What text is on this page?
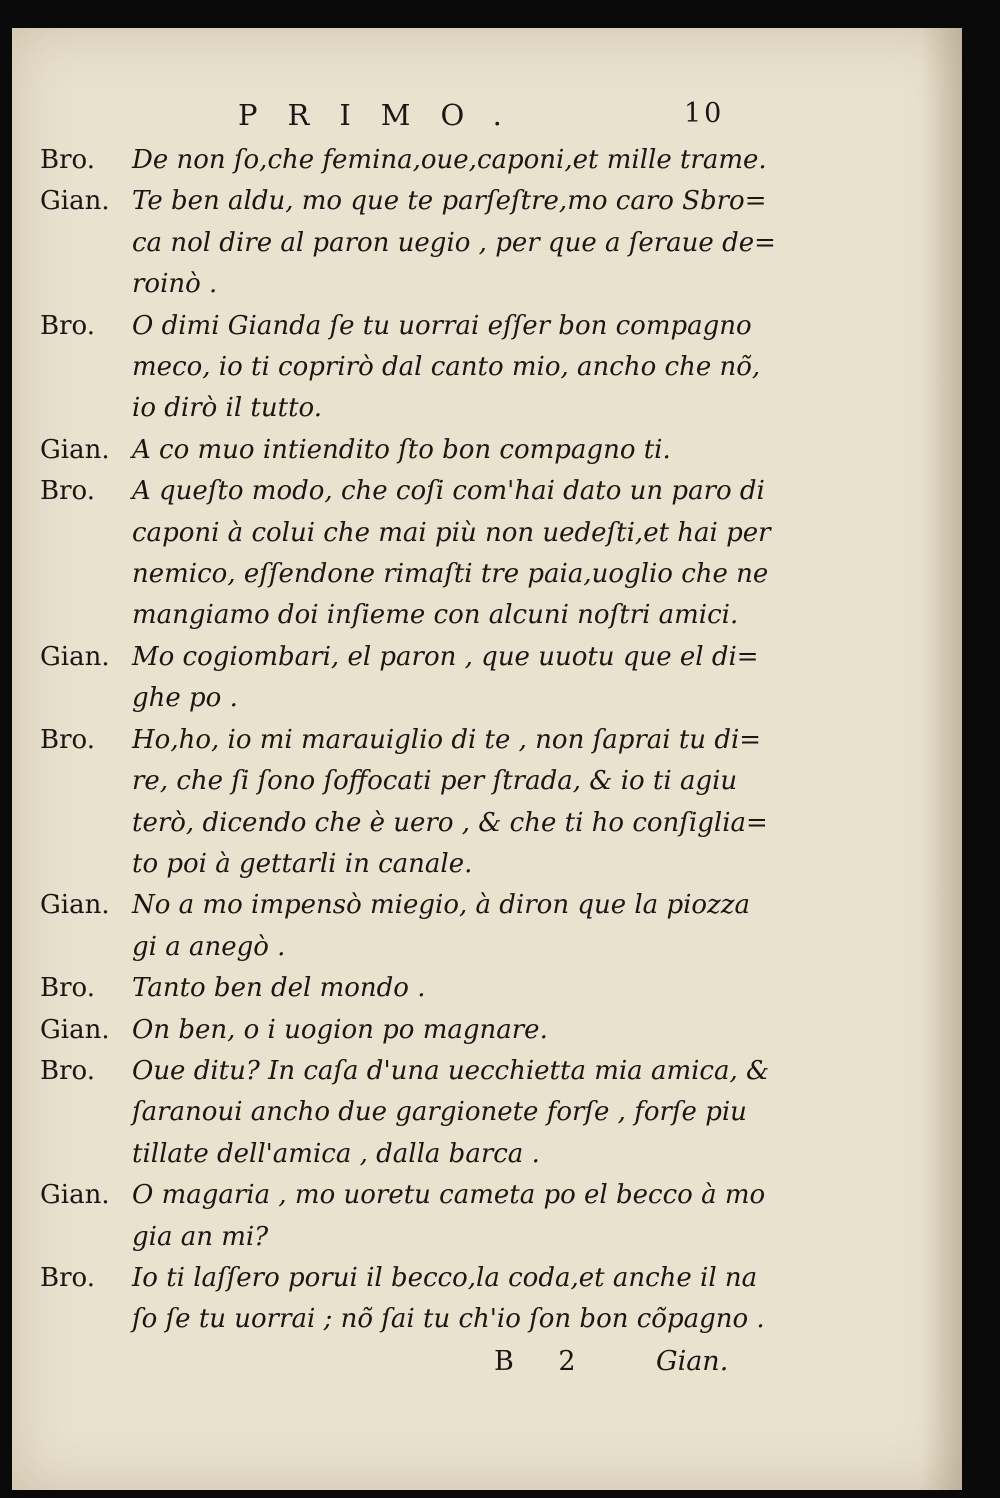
PRIMO.	10
Bro.	De non ſo,che femina,oue,caponi,et mille trame.
Gian. Te ben aldu, mo que te parſeſtre,mo caro Sbro=
ca nol dire al paron uegio , per que a ſeraue de=
roinò .
Bro.	O dimi Gianda ſe tu uorrai eſſer bon compagno
meco, io ti coprirò dal canto mio, ancho che nõ,
io dirò il tutto.
Gian. A co muo intiendito ſto bon compagno ti.
Bro.	A queſto modo, che coſi com'hai dato un paro di
caponi à colui che mai più non uedeſti,et hai per
nemico, eſſendone rimaſti tre paia,uoglio che ne
mangiamo doi inſieme con alcuni noſtri amici.
Gian. Mo cogiombari, el paron , que uuotu que el di=
ghe po .
Bro.	Ho,ho, io mi marauiglio di te , non ſaprai tu di=
re, che ſi ſono ſoffocati per ſtrada, & io ti agiu
terò, dicendo che è uero , & che ti ho conſiglia=
to poi à gettarli in canale.
Gian. No a mo impensò miegio, à diron que la piozza
gi a anegò .
Bro.	Tanto ben del mondo .
Gian. On ben, o i uogion po magnare.
Bro.	Oue ditu? In caſa d'una uecchietta mia amica, &
ſaranoui ancho due gargionete forſe , forſe piu
tillate dell'amica , dalla barca .
Gian. O magaria , mo uoretu cameta po el becco à mo
gia an mi?
Bro.	Io ti laſſero porui il becco,la coda,et anche il na
ſo ſe tu uorrai ; nõ ſai tu ch'io ſon bon cõpagno .
B 2 Gian.
